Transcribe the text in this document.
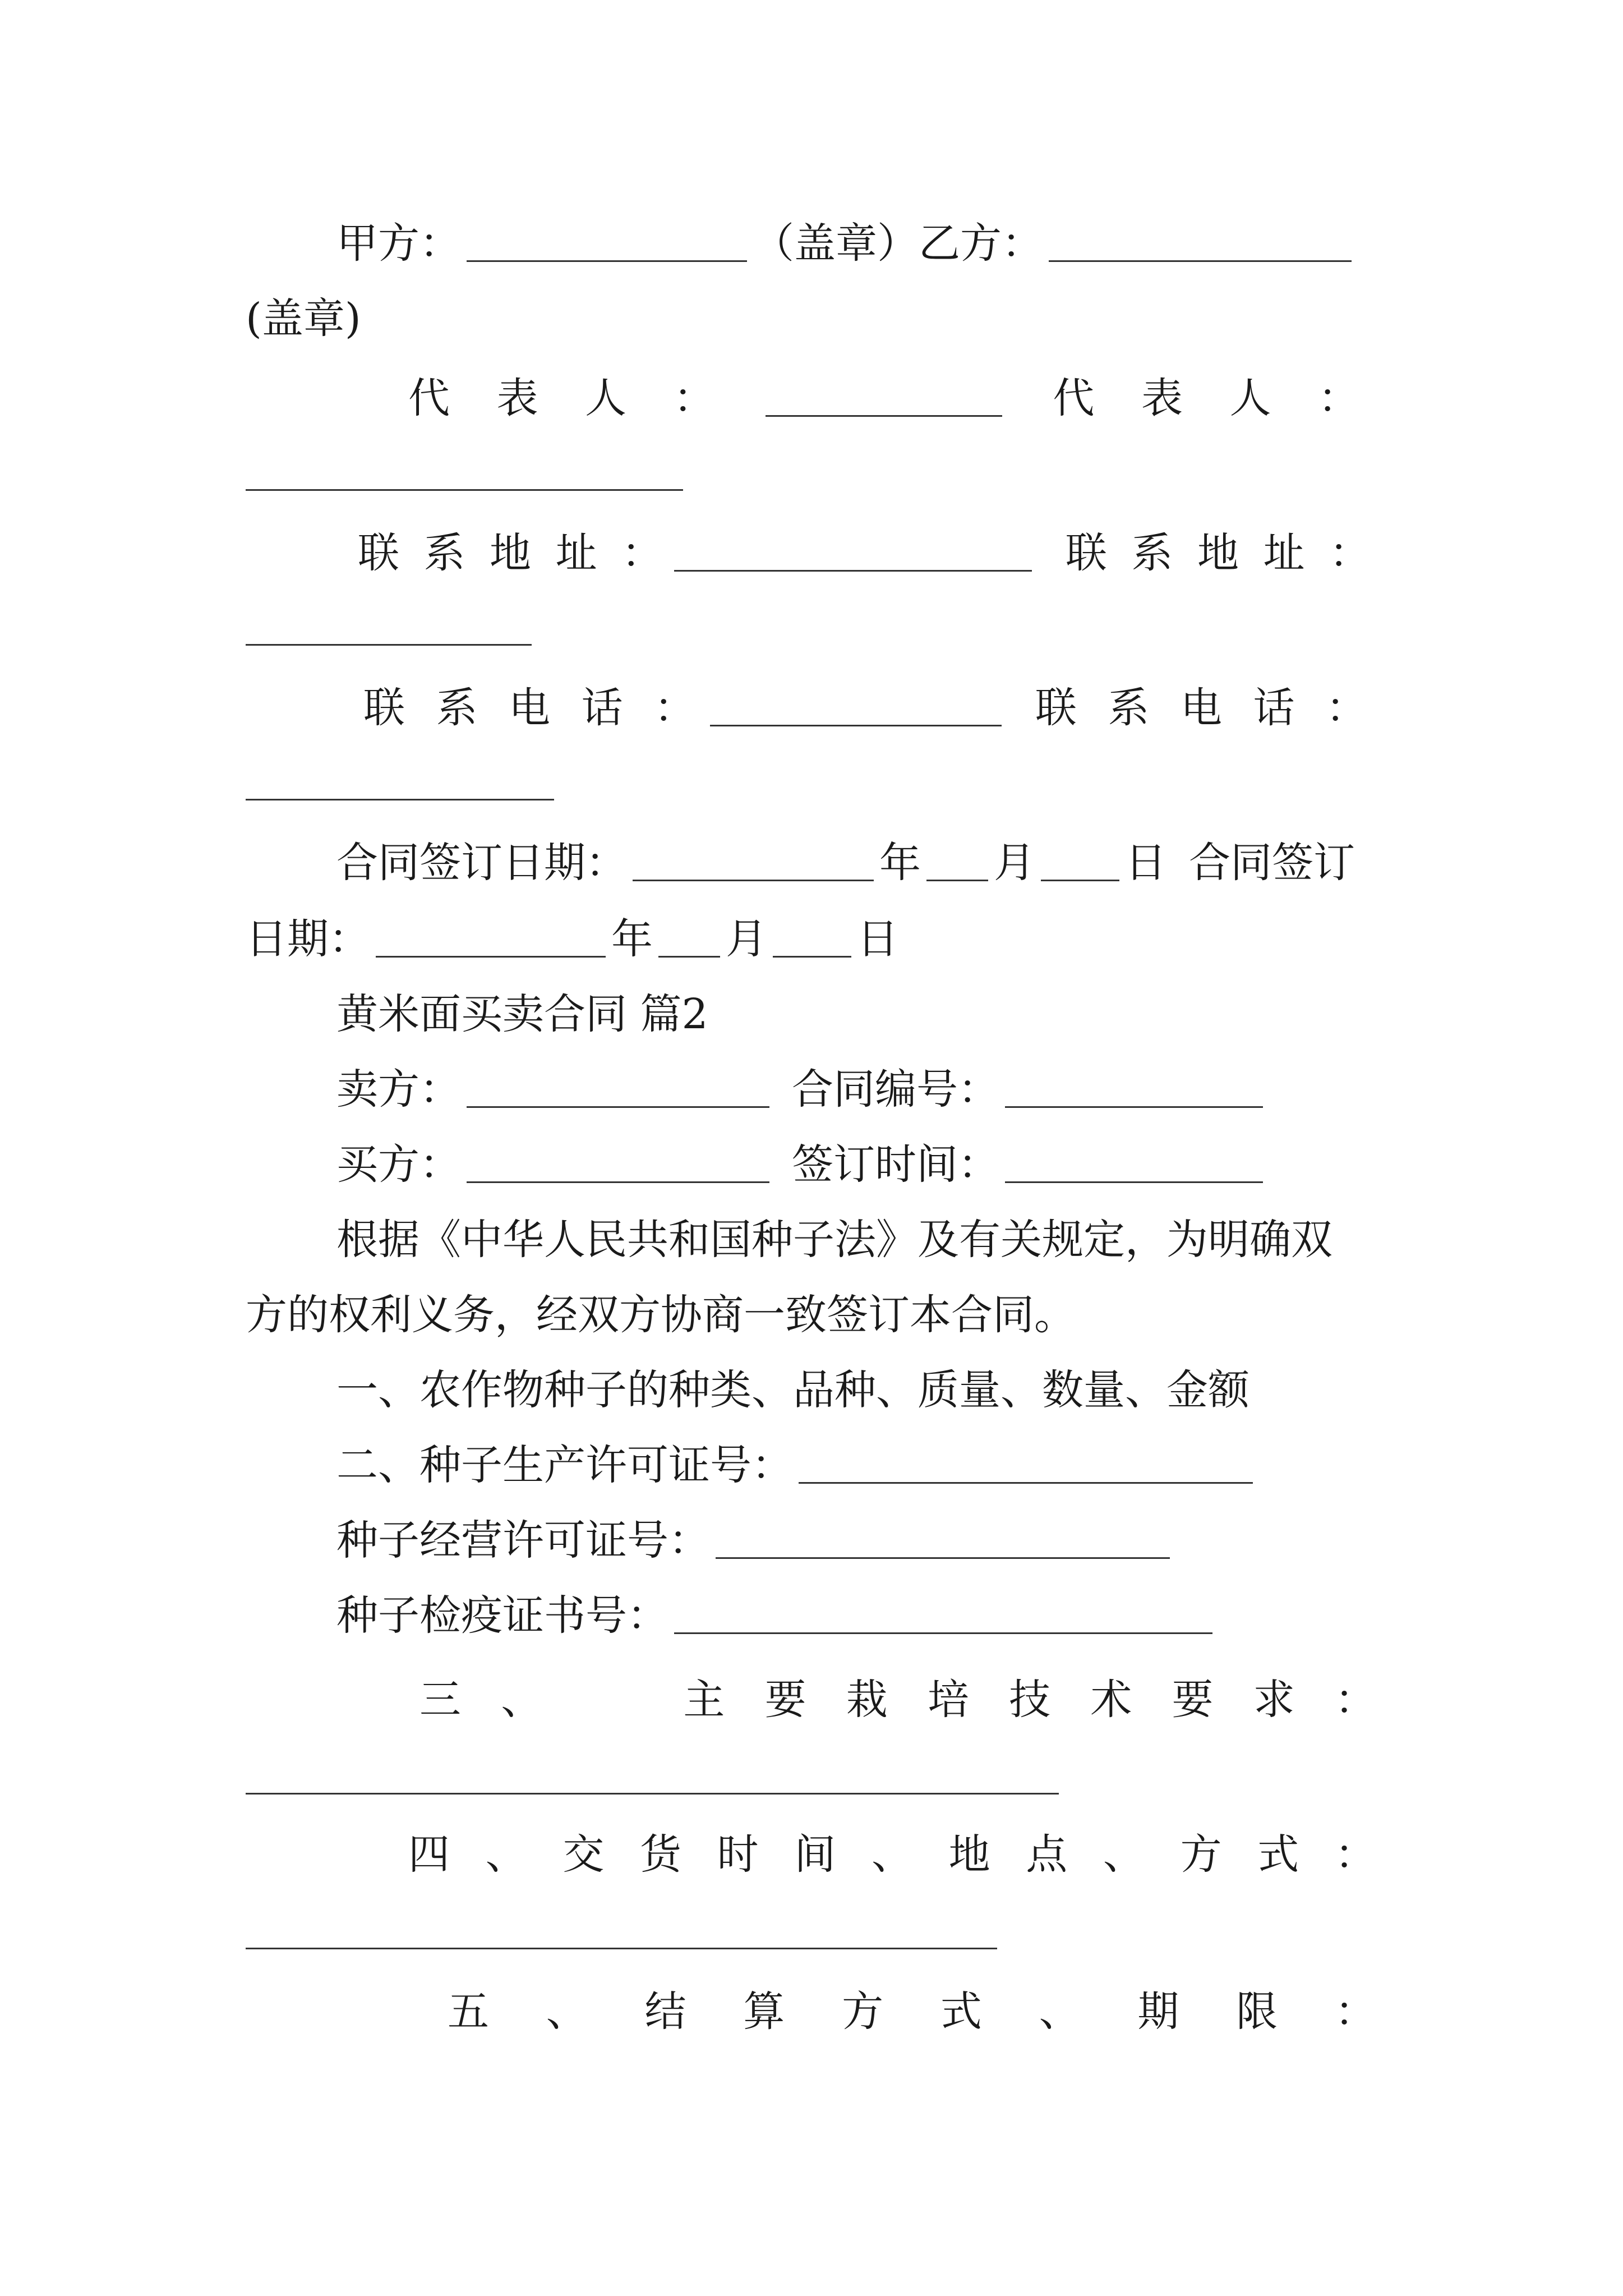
甲方：	（盖章） 乙方：
(盖章)
代 表 人 ：	代 表 人 ：
联 系 地 址 ：	联 系 地 址 ：
联 系 电 话 ：	联 系 电 话 ：
合同签订日期：	年 月 日 合同签订
日期：	年 月 日
黄米面买卖合同 篇2
卖方：	合同编号：
买方：	签订时间：
根据《中华人民共和国种子法》及有关规定，为明确双
方的权利义务，经双方协商一致签订本合同。
一、农作物种子的种类、品种、质量、数量、金额
二、种子生产许可证号：
种子经营许可证号：
种子检疫证书号：
三 、	主 要 栽 培 技 术 要 求 ：
四 、 交 货 时 间 、 地 点 、 方 式 ：
五 、 结 算 方 式 、 期 限 ：
